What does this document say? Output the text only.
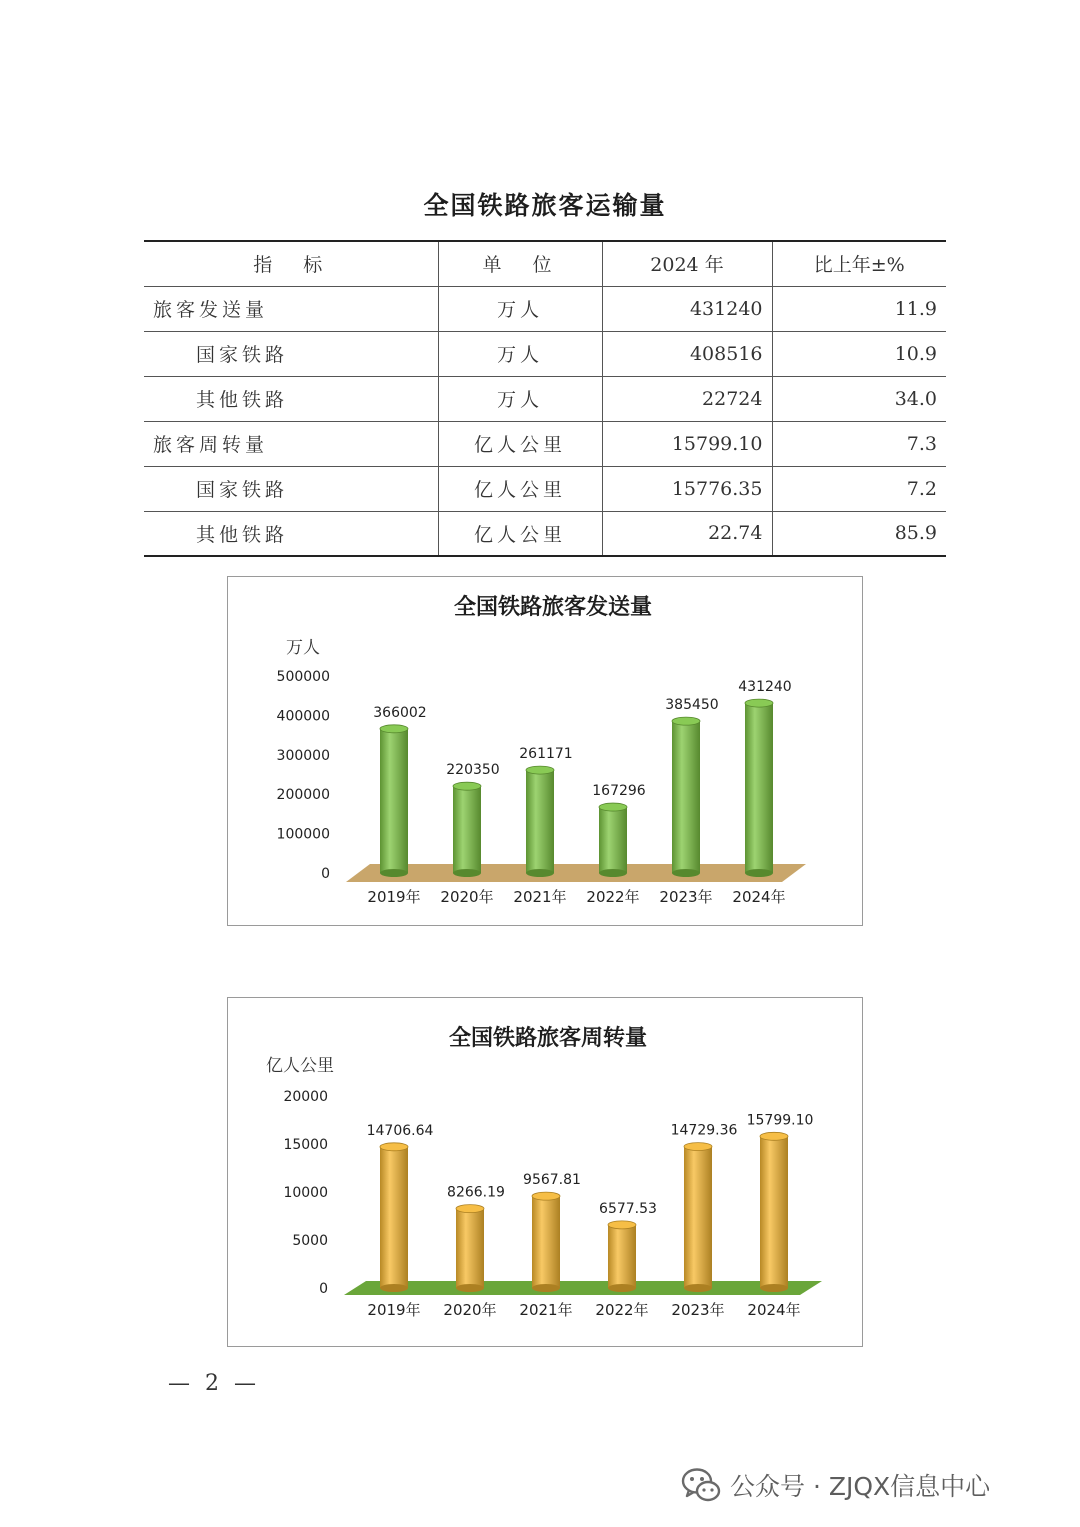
全国铁路旅客运输量
指　标	单　位	2024 年	比上年±%
旅客发送量	万人	431240	11.9
国家铁路	万人	408516	10.9
其他铁路	万人	22724	34.0
旅客周转量	亿人公里	15799.10	7.3
国家铁路	亿人公里	15776.35	7.2
其他铁路	亿人公里	22.74	85.9
全国铁路旅客发送量
万人
0
100000
200000
300000
400000
500000
366002
2019年
220350
2020年
261171
2021年
167296
2022年
385450
2023年
431240
2024年
全国铁路旅客周转量
亿人公里
0
5000
10000
15000
20000
14706.64
2019年
8266.19
2020年
9567.81
2021年
6577.53
2022年
14729.36
2023年
15799.10
2024年
— 2 —
公众号 · ZJQX信息中心
